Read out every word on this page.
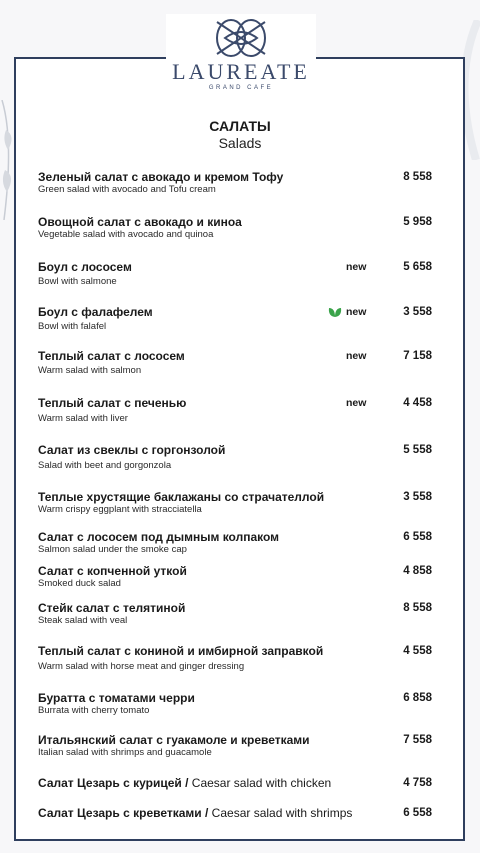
LAUREATE
GRAND CAFE
САЛАТЫ
Salads
Зеленый салат с авокадо и кремом Тофу
Green salad with avocado and Tofu cream
8 558
Овощной салат с авокадо и киноа
Vegetable salad with avocado and quinoa
5 958
Боул с лососем
Bowl with salmone
new	5 658
Боул с фалафелем
Bowl with falafel
new	3 558
Теплый салат с лососем
Warm salad with salmon
new	7 158
Теплый салат с печенью
Warm salad with liver
new	4 458
Салат из свеклы с горгонзолой
Salad with beet and gorgonzola
5 558
Теплые хрустящие баклажаны со страчателлой
Warm crispy eggplant with stracciatella
3 558
Салат с лососем под дымным колпаком
Salmon salad under the smoke cap
6 558
Салат с копченной уткой
Smoked duck salad
4 858
Стейк салат с телятиной
Steak salad with veal
8 558
Теплый салат с кониной и имбирной заправкой
Warm salad with horse meat and ginger dressing
4 558
Буратта с томатами черри
Burrata with cherry tomato
6 858
Итальянский салат с гуакамоле и креветками
Italian salad with shrimps and guacamole
7 558
Салат Цезарь с курицей / Caesar salad with chicken	4 758
Салат Цезарь с креветками / Caesar salad with shrimps	6 558
